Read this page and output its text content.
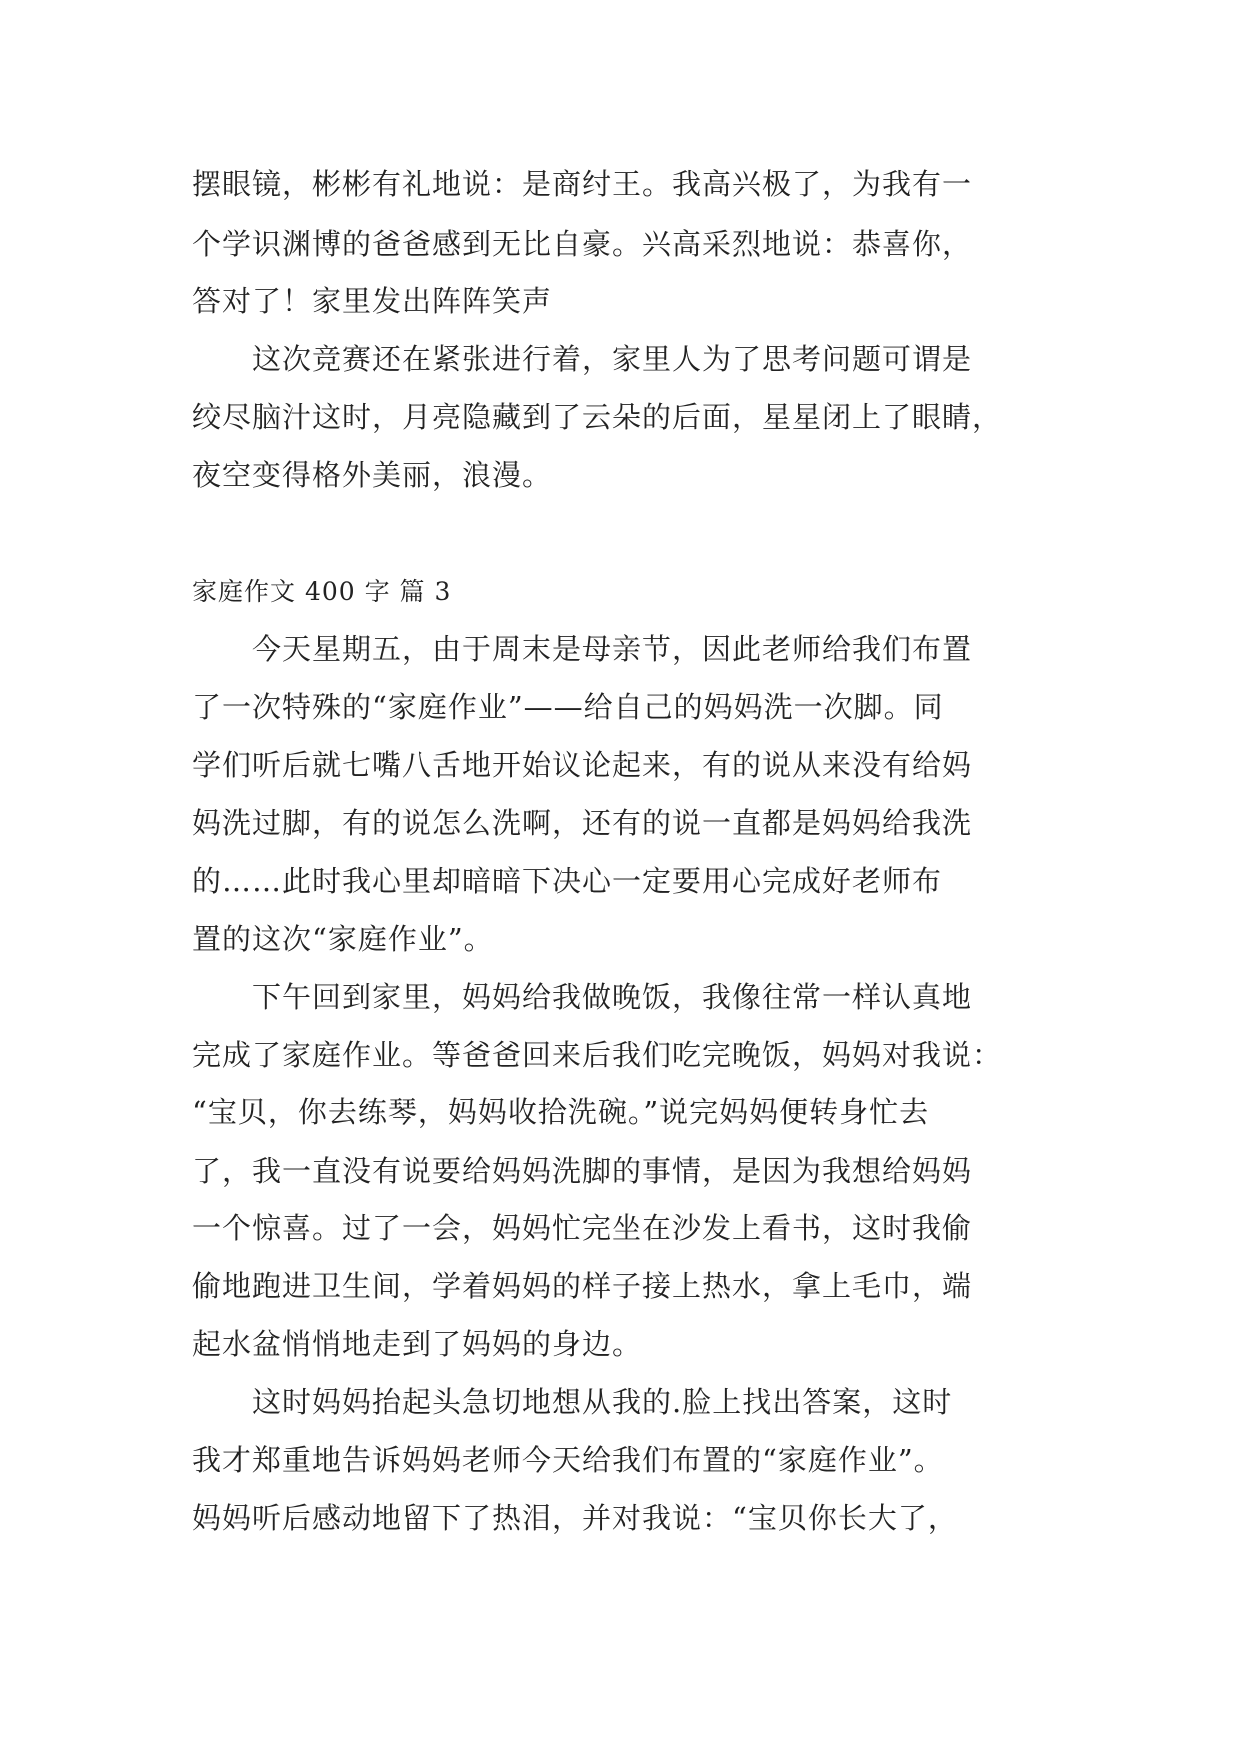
摆眼镜，彬彬有礼地说：是商纣王。我高兴极了，为我有一
个学识渊博的爸爸感到无比自豪。兴高采烈地说：恭喜你，
答对了！家里发出阵阵笑声
　　这次竞赛还在紧张进行着，家里人为了思考问题可谓是
绞尽脑汁这时，月亮隐藏到了云朵的后面，星星闭上了眼睛，
夜空变得格外美丽，浪漫。
家庭作文 400 字 篇 3
　　今天星期五，由于周末是母亲节，因此老师给我们布置
了一次特殊的“家庭作业”——给自己的妈妈洗一次脚。同
学们听后就七嘴八舌地开始议论起来，有的说从来没有给妈
妈洗过脚，有的说怎么洗啊，还有的说一直都是妈妈给我洗
的……此时我心里却暗暗下决心一定要用心完成好老师布
置的这次“家庭作业”。
　　下午回到家里，妈妈给我做晚饭，我像往常一样认真地
完成了家庭作业。等爸爸回来后我们吃完晚饭，妈妈对我说：
“宝贝，你去练琴，妈妈收拾洗碗。”说完妈妈便转身忙去
了，我一直没有说要给妈妈洗脚的事情，是因为我想给妈妈
一个惊喜。过了一会，妈妈忙完坐在沙发上看书，这时我偷
偷地跑进卫生间，学着妈妈的样子接上热水，拿上毛巾，端
起水盆悄悄地走到了妈妈的身边。
　　这时妈妈抬起头急切地想从我的.脸上找出答案，这时
我才郑重地告诉妈妈老师今天给我们布置的“家庭作业”。
妈妈听后感动地留下了热泪，并对我说：“宝贝你长大了，
